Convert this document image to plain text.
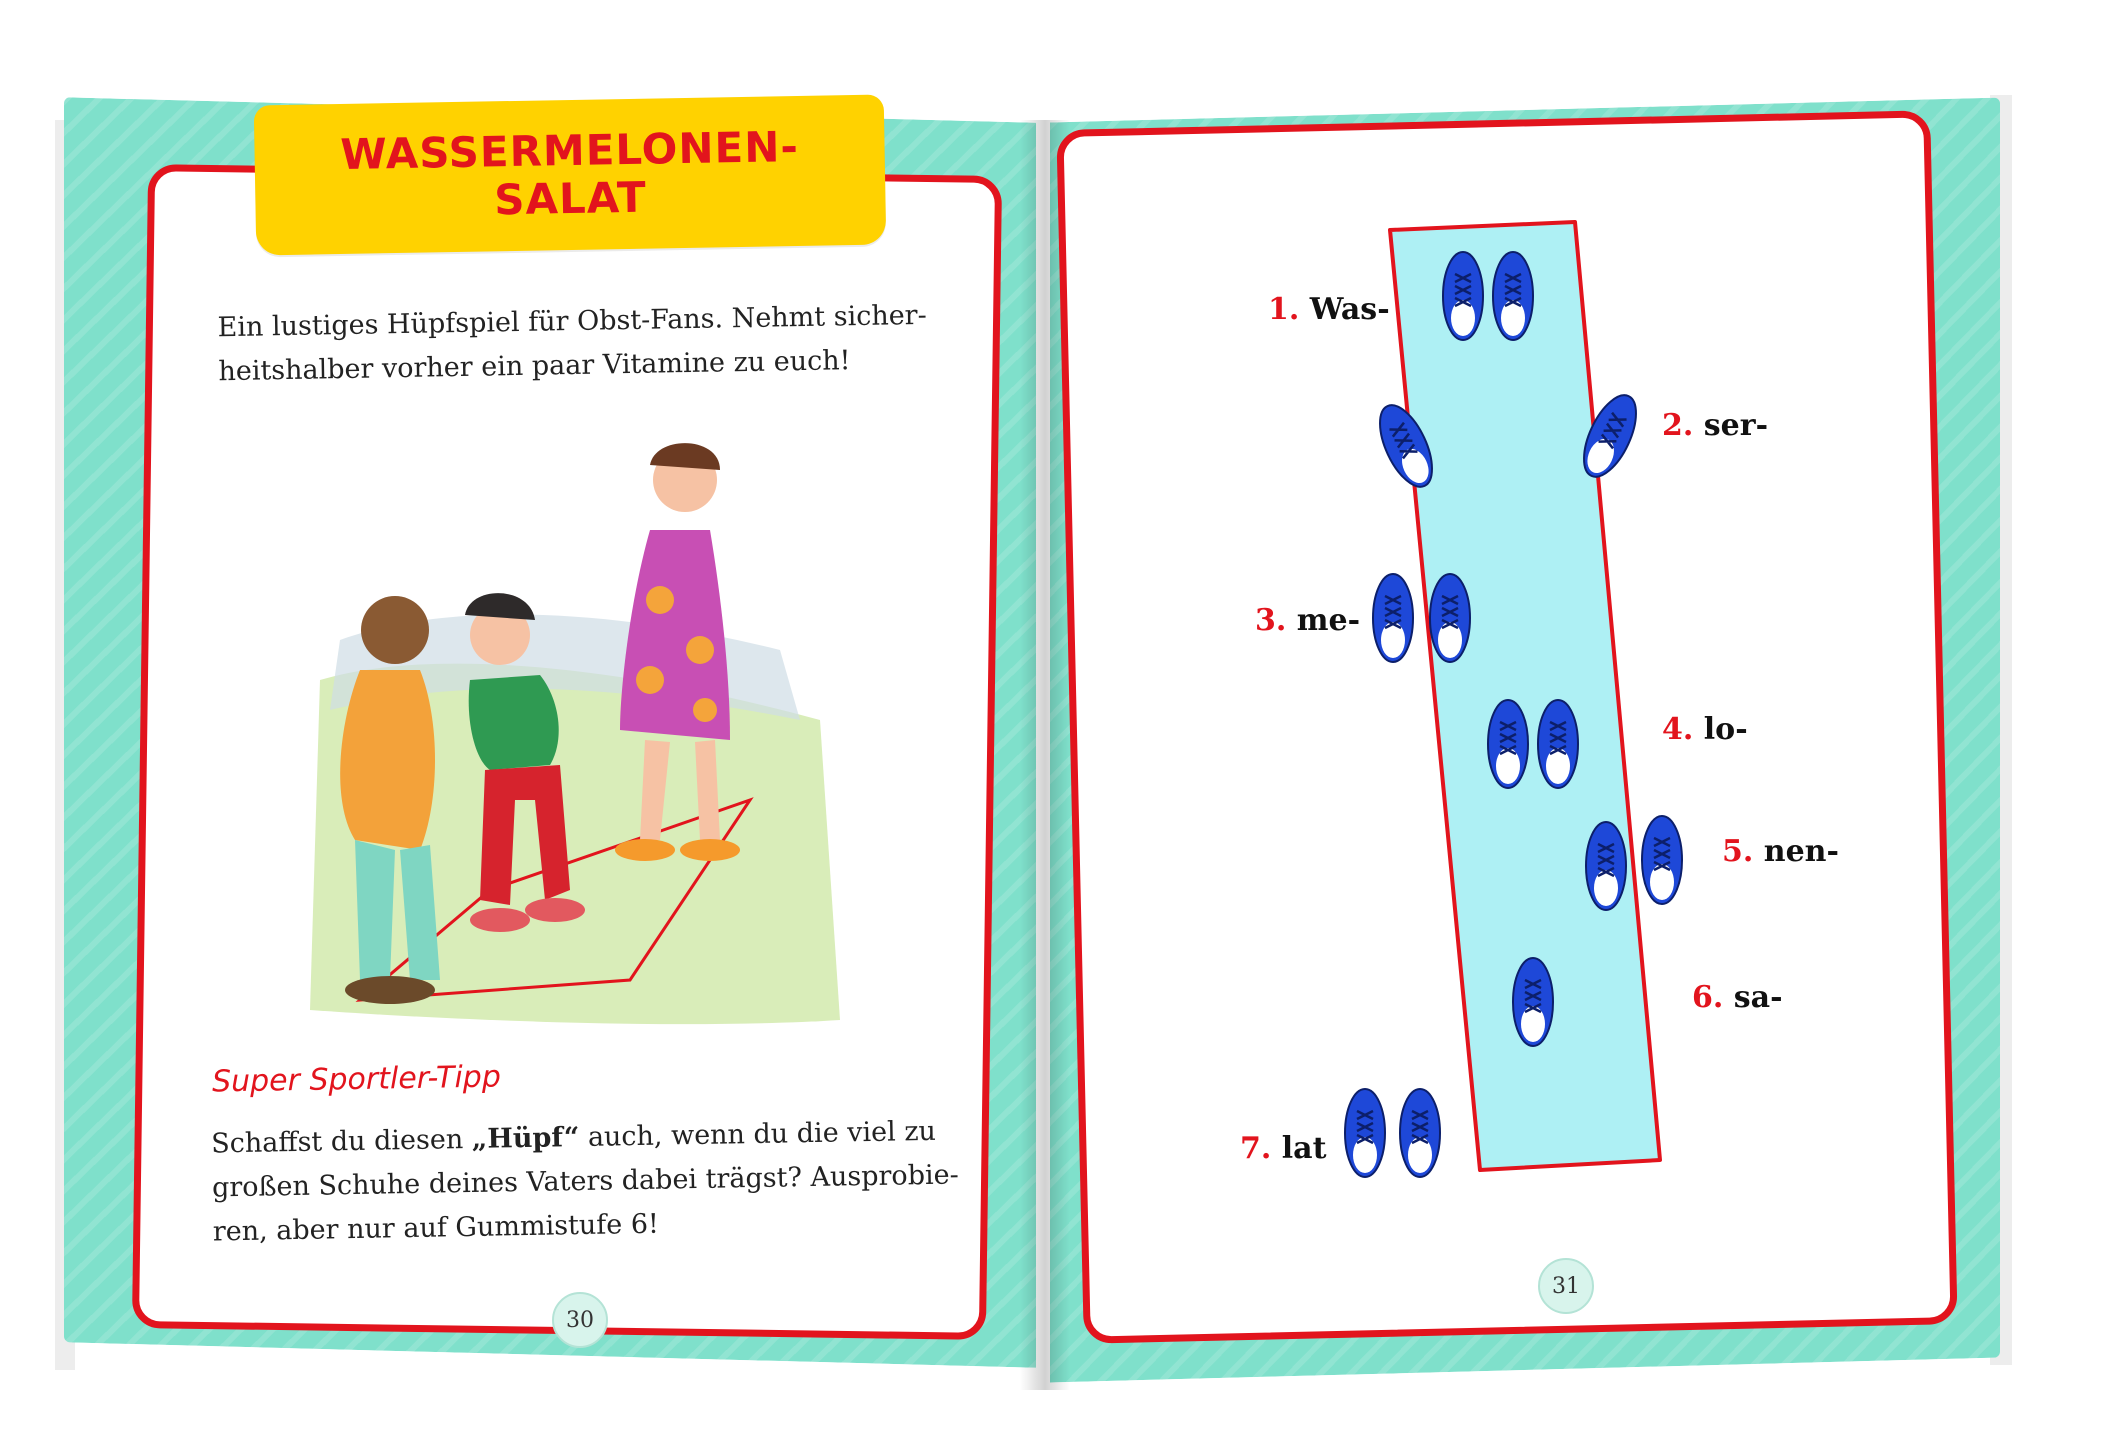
WASSERMELONEN-
SALAT
Ein lustiges Hüpfspiel für Obst-Fans. Nehmt sicher-
heitshalber vorher ein paar Vitamine zu euch!
Super Sportler-Tipp
Schaffst du diesen „Hüpf“ auch, wenn du die viel zu
großen Schuhe deines Vaters dabei trägst? Ausprobie-
ren, aber nur auf Gummistufe 6!
30
1. Was-
2. ser-
3. me-
4. lo-
5. nen-
6. sa-
7. lat
31
